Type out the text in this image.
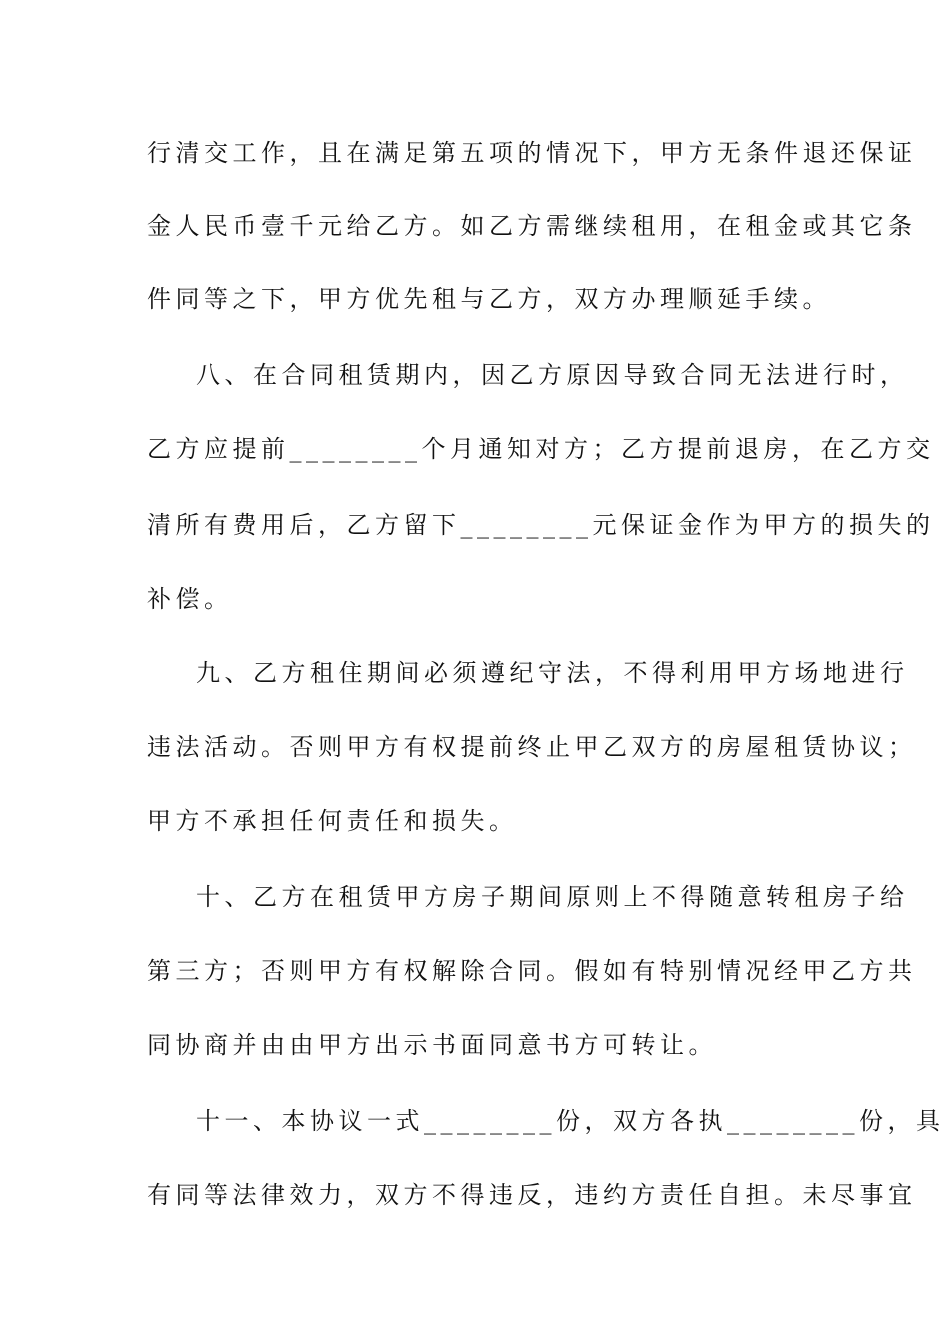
行清交工作，且在满足第五项的情况下，甲方无条件退还保证
金人民币壹千元给乙方。如乙方需继续租用，在租金或其它条
件同等之下，甲方优先租与乙方，双方办理顺延手续。
八、在合同租赁期内，因乙方原因导致合同无法进行时，
乙方应提前________个月通知对方；乙方提前退房，在乙方交
清所有费用后，乙方留下________元保证金作为甲方的损失的
补偿。
九、乙方租住期间必须遵纪守法，不得利用甲方场地进行
违法活动。否则甲方有权提前终止甲乙双方的房屋租赁协议；
甲方不承担任何责任和损失。
十、乙方在租赁甲方房子期间原则上不得随意转租房子给
第三方；否则甲方有权解除合同。假如有特别情况经甲乙方共
同协商并由由甲方出示书面同意书方可转让。
十一、本协议一式________份，双方各执________份，具
有同等法律效力，双方不得违反，违约方责任自担。未尽事宜
